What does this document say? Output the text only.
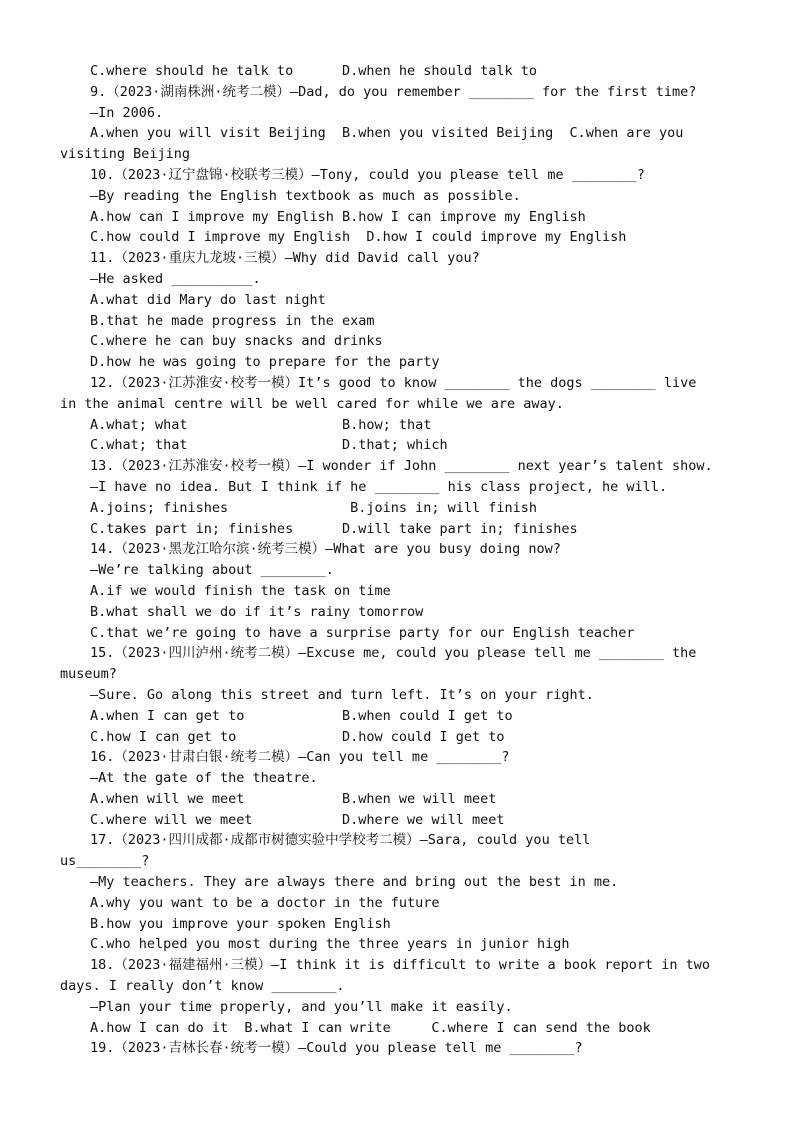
C.where should he talk to      D.when he should talk to
9.（2023·湖南株洲·统考二模）—Dad, do you remember ________ for the first time?
—In 2006.
A.when you will visit Beijing  B.when you visited Beijing  C.when are you
visiting Beijing
10.（2023·辽宁盘锦·校联考三模）—Tony, could you please tell me ________?
—By reading the English textbook as much as possible.
A.how can I improve my English B.how I can improve my English
C.how could I improve my English  D.how I could improve my English
11.（2023·重庆九龙坡·三模）—Why did David call you?
—He asked __________.
A.what did Mary do last night
B.that he made progress in the exam
C.where he can buy snacks and drinks
D.how he was going to prepare for the party
12.（2023·江苏淮安·校考一模）It’s good to know ________ the dogs ________ live
in the animal centre will be well cared for while we are away.
A.what; what                   B.how; that
C.what; that                   D.that; which
13.（2023·江苏淮安·校考一模）—I wonder if John ________ next year’s talent show.
—I have no idea. But I think if he ________ his class project, he will.
A.joins; finishes               B.joins in; will finish
C.takes part in; finishes      D.will take part in; finishes
14.（2023·黑龙江哈尔滨·统考三模）—What are you busy doing now?
—We’re talking about ________.
A.if we would finish the task on time
B.what shall we do if it’s rainy tomorrow
C.that we’re going to have a surprise party for our English teacher
15.（2023·四川泸州·统考二模）—Excuse me, could you please tell me ________ the
museum?
—Sure. Go along this street and turn left. It’s on your right.
A.when I can get to            B.when could I get to
C.how I can get to             D.how could I get to
16.（2023·甘肃白银·统考二模）—Can you tell me ________?
—At the gate of the theatre.
A.when will we meet            B.when we will meet
C.where will we meet           D.where we will meet
17.（2023·四川成都·成都市树德实验中学校考二模）—Sara, could you tell
us________?
—My teachers. They are always there and bring out the best in me.
A.why you want to be a doctor in the future
B.how you improve your spoken English
C.who helped you most during the three years in junior high
18.（2023·福建福州·三模）—I think it is difficult to write a book report in two
days. I really don’t know ________.
—Plan your time properly, and you’ll make it easily.
A.how I can do it  B.what I can write     C.where I can send the book
19.（2023·吉林长春·统考一模）—Could you please tell me ________?
